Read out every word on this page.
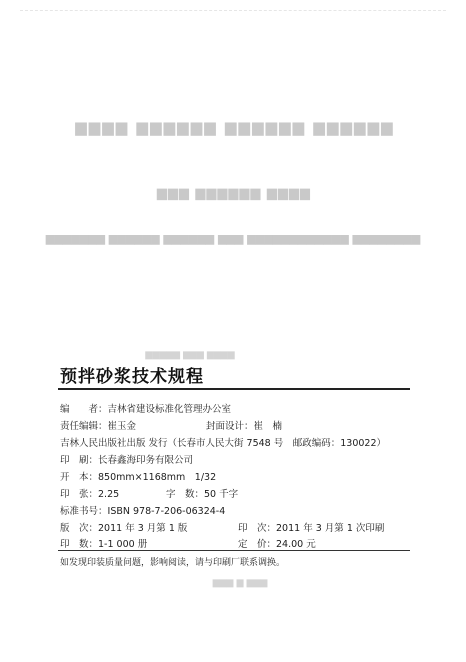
▆▆▆▆▆▆ ▆▆▆▆▆▆ ▆▆▆▆▆▆ ▆▆▆▆
▆▆▆▆ ▆▆▆▆▆▆ ▆▆▆
▆▆▆▆▆▆▆▆ ▆▆▆▆▆▆▆▆▆▆▆▆ ▆▆▆ ▆▆▆▆▆▆ ▆▆▆▆▆▆ ▆▆▆▆▆▆▆
▆▆▆▆ ▆▆▆ ▆▆▆▆▆
▆▆▆ ▆ ▆▆▆
预拌砂浆技术规程
编　　者：吉林省建设标准化管理办公室
责任编辑：崔玉金	封面设计：崔　楠
吉林人民出版社出版 发行（长春市人民大街 7548 号　邮政编码：130022）
印　刷：长春鑫海印务有限公司
开　本：850mm×1168mm　1/32
印　张：2.25	字　数：50 千字
标准书号：ISBN 978-7-206-06324-4
版　次：2011 年 3 月第 1 版	印　次：2011 年 3 月第 1 次印刷
印　数：1-1 000 册	定　价：24.00 元
如发现印装质量问题，影响阅读，请与印刷厂联系调换。
